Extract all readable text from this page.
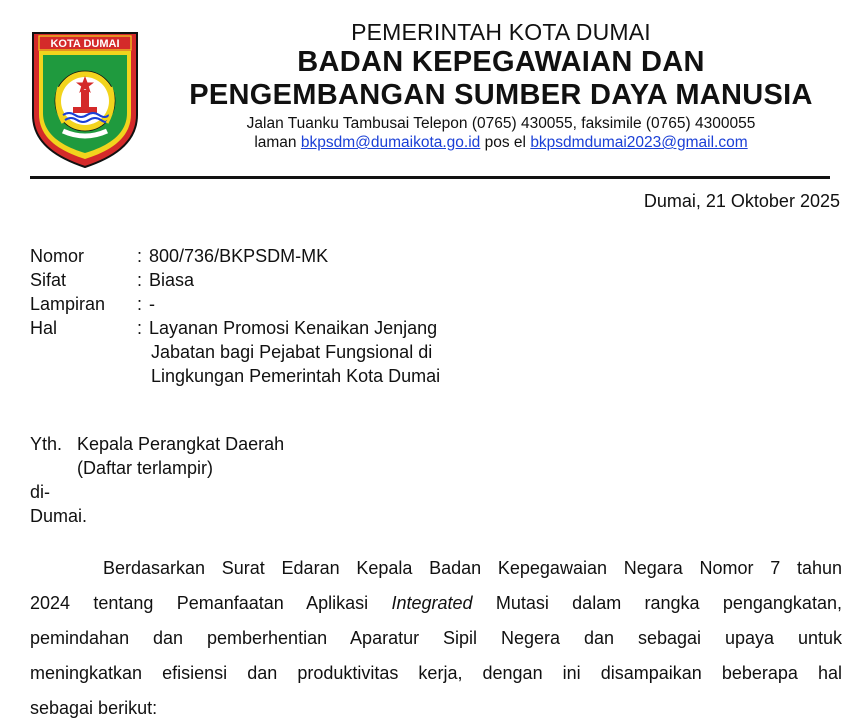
KOTA DUMAI	PEMERINTAH KOTA DUMAI
BADAN KEPEGAWAIAN DAN
PENGEMBANGAN SUMBER DAYA MANUSIA
Jalan Tuanku Tambusai Telepon (0765) 430055, faksimile (0765) 4300055
laman bkpsdm@dumaikota.go.id pos el bkpsdmdumai2023@gmail.com
Dumai, 21 Oktober 2025
Nomor	: 800/736/BKPSDM-MK
Sifat	: Biasa
Lampiran	: -
Hal	: Layanan Promosi Kenaikan Jenjang
Jabatan bagi Pejabat Fungsional di
Lingkungan Pemerintah Kota Dumai
Yth. Kepala Perangkat Daerah
(Daftar terlampir)
di-
Dumai.
Berdasarkan Surat Edaran Kepala Badan Kepegawaian Negara Nomor 7 tahun
2024 tentang Pemanfaatan Aplikasi Integrated Mutasi dalam rangka pengangkatan,
pemindahan dan pemberhentian Aparatur Sipil Negera dan sebagai upaya untuk
meningkatkan efisiensi dan produktivitas kerja, dengan ini disampaikan beberapa hal
sebagai berikut:
